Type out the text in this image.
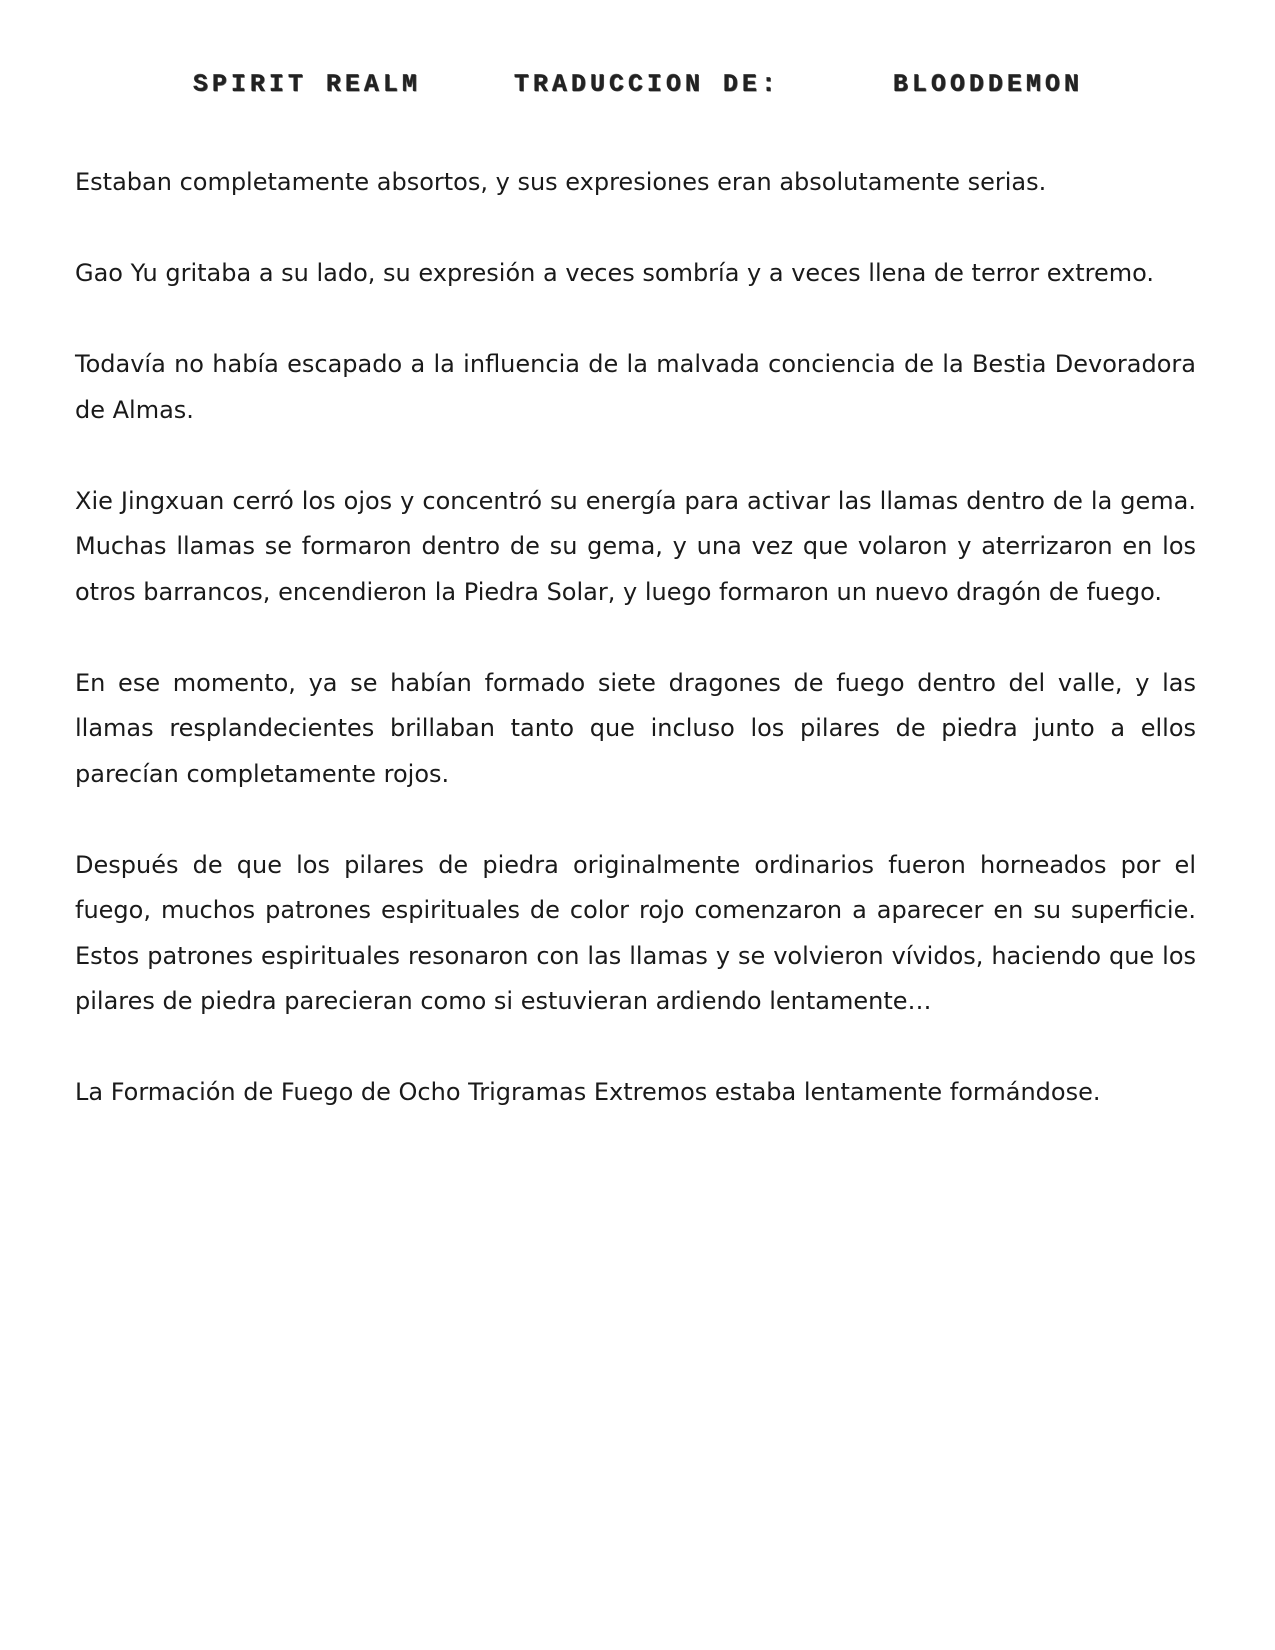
SPIRIT REALM	TRADUCCION DE:	BLOODDEMON

Estaban completamente absortos, y sus expresiones eran absolutamente serias.

Gao Yu gritaba a su lado, su expresión a veces sombría y a veces llena de terror extremo.

Todavía no había escapado a la influencia de la malvada conciencia de la Bestia Devoradora de Almas.

Xie Jingxuan cerró los ojos y concentró su energía para activar las llamas dentro de la gema. Muchas llamas se formaron dentro de su gema, y una vez que volaron y aterrizaron en los otros barrancos, encendieron la Piedra Solar, y luego formaron un nuevo dragón de fuego.

En ese momento, ya se habían formado siete dragones de fuego dentro del valle, y las llamas resplandecientes brillaban tanto que incluso los pilares de piedra junto a ellos parecían completamente rojos.

Después de que los pilares de piedra originalmente ordinarios fueron horneados por el fuego, muchos patrones espirituales de color rojo comenzaron a aparecer en su superficie. Estos patrones espirituales resonaron con las llamas y se volvieron vívidos, haciendo que los pilares de piedra parecieran como si estuvieran ardiendo lentamente…

La Formación de Fuego de Ocho Trigramas Extremos estaba lentamente formándose.
